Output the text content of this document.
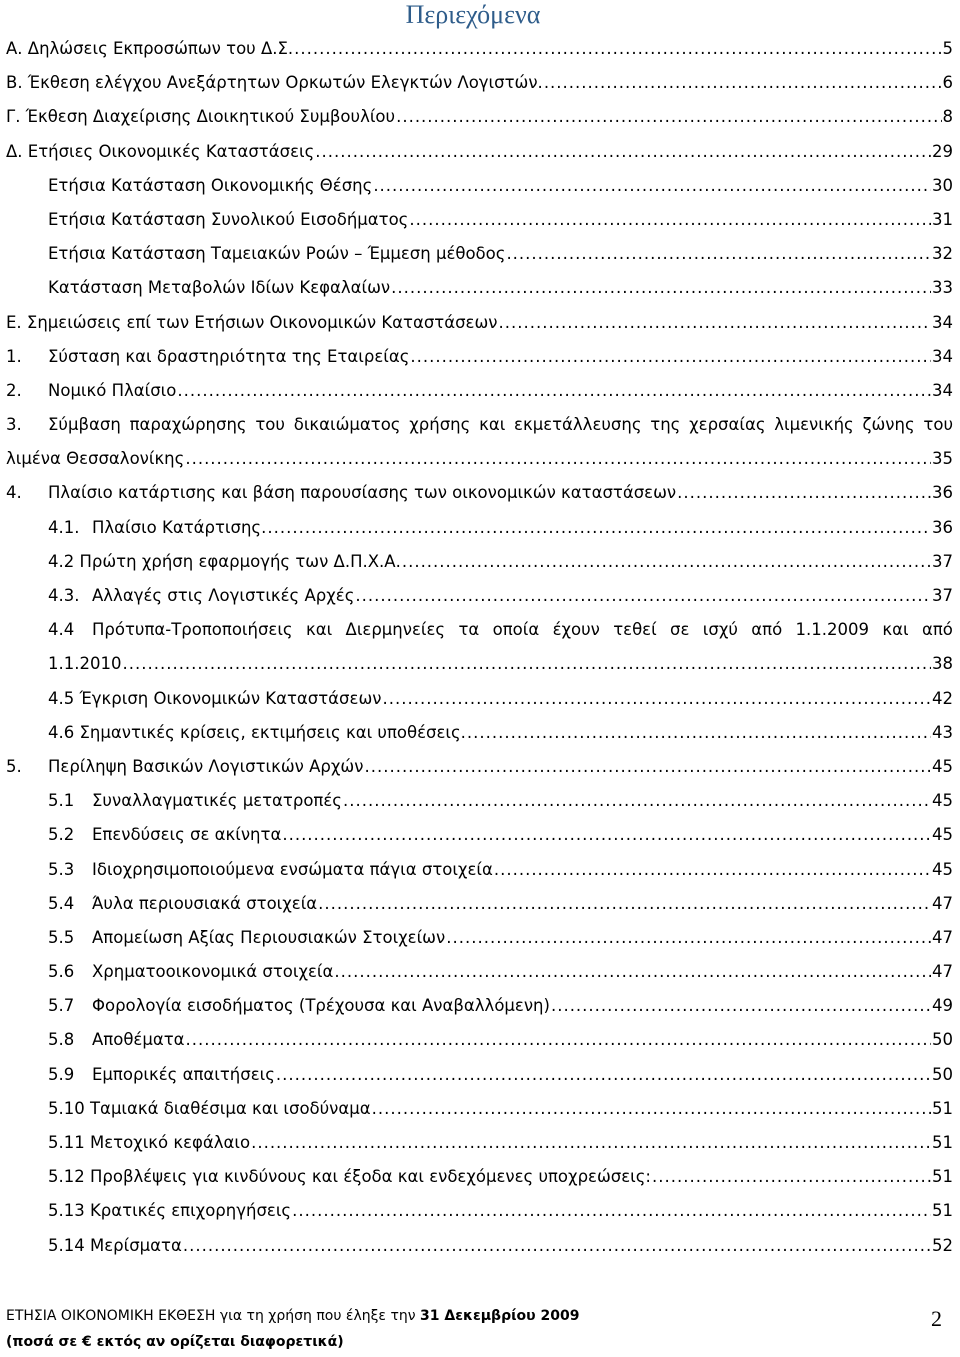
Περιεχόμενα
Α. Δηλώσεις Εκπροσώπων του Δ.Σ. .....	5
Β. Έκθεση ελέγχου Ανεξάρτητων Ορκωτών Ελεγκτών Λογιστών. .....	6
Γ. Έκθεση Διαχείρισης Διοικητικού Συμβουλίου .....	8
Δ. Ετήσιες Οικονομικές Καταστάσεις .....	29
Ετήσια Κατάσταση Οικονομικής Θέσης .....	30
Ετήσια Κατάσταση Συνολικού Εισοδήματος .....	31
Ετήσια Κατάσταση Ταμειακών Ροών – Έμμεση μέθοδος .....	32
Κατάσταση Μεταβολών Ιδίων Κεφαλαίων .....	33
Ε. Σημειώσεις επί των Ετήσιων Οικονομικών Καταστάσεων .....	34
1.	Σύσταση και δραστηριότητα της Εταιρείας .....	34
2.	Νομικό Πλαίσιο .....	34
3.	Σύμβαση παραχώρησης του δικαιώματος χρήσης και εκμετάλλευσης της χερσαίας λιμενικής ζώνης του
λιμένα Θεσσαλονίκης .....	35
4.	Πλαίσιο κατάρτισης και βάση παρουσίασης των οικονομικών καταστάσεων .....	36
4.1. Πλαίσιο Κατάρτισης. .....	36
4.2 Πρώτη χρήση εφαρμογής των Δ.Π.Χ.Α. .....	37
4.3. Αλλαγές στις Λογιστικές Αρχές .....	37
4.4	Πρότυπα-Τροποποιήσεις και Διερμηνείες τα οποία έχουν τεθεί σε ισχύ από 1.1.2009 και από
1.1.2010 .....	38
4.5 Έγκριση Οικονομικών Καταστάσεων .....	42
4.6 Σημαντικές κρίσεις, εκτιμήσεις και υποθέσεις. .....	43
5.	Περίληψη Βασικών Λογιστικών Αρχών .....	45
5.1	Συναλλαγματικές μετατροπές .....	45
5.2	Επενδύσεις σε ακίνητα .....	45
5.3	Ιδιοχρησιμοποιούμενα ενσώματα πάγια στοιχεία .....	45
5.4	Άυλα περιουσιακά στοιχεία .....	47
5.5	Απομείωση Αξίας Περιουσιακών Στοιχείων .....	47
5.6	Χρηματοοικονομικά στοιχεία .....	47
5.7	Φορολογία εισοδήματος (Τρέχουσα και Αναβαλλόμενη) .....	49
5.8	Αποθέματα .....	50
5.9	Εμπορικές απαιτήσεις .....	50
5.10 Ταμιακά διαθέσιμα και ισοδύναμα .....	51
5.11 Μετοχικό κεφάλαιο .....	51
5.12 Προβλέψεις για κινδύνους και έξοδα και ενδεχόμενες υποχρεώσεις: .....	51
5.13 Κρατικές επιχορηγήσεις .....	51
5.14 Μερίσματα .....	52
ΕΤΗΣΙΑ ΟΙΚΟΝΟΜΙΚΗ ΕΚΘΕΣΗ για τη χρήση που έληξε την 31 Δεκεμβρίου 2009
(ποσά σε € εκτός αν ορίζεται διαφορετικά)
2
